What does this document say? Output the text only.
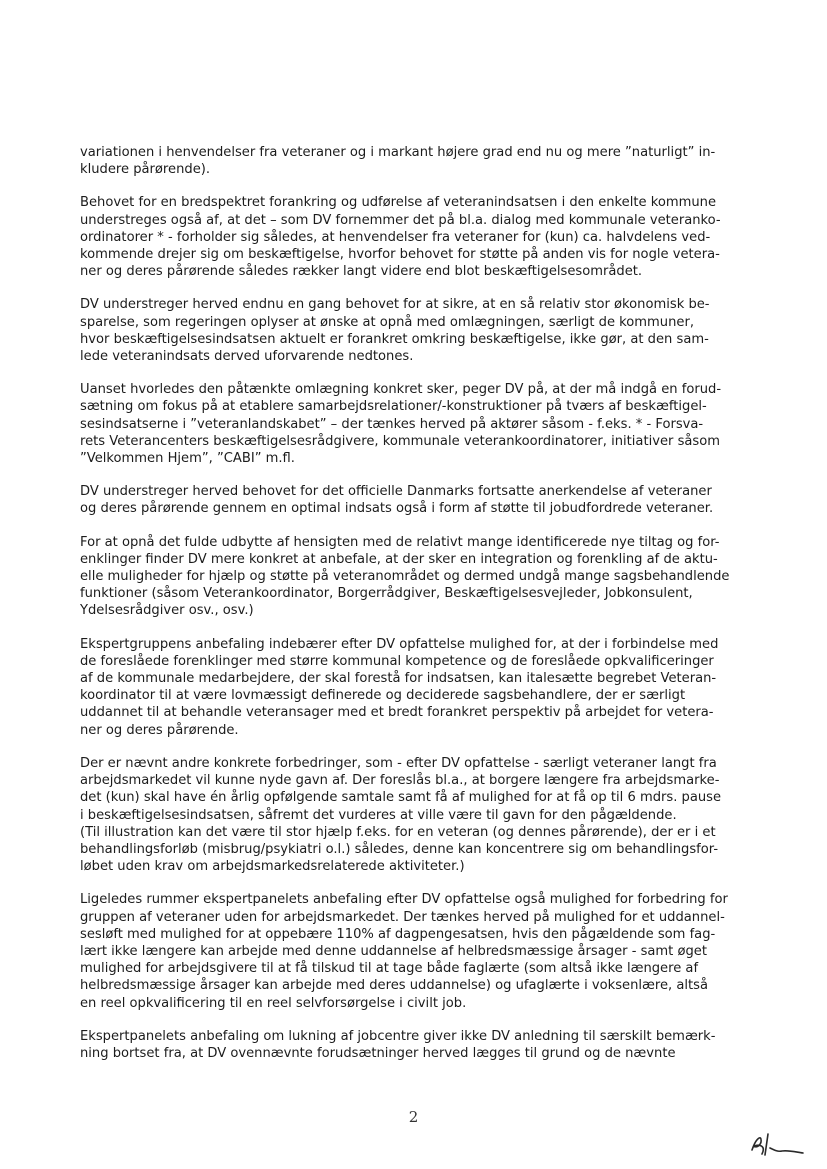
variationen i henvendelser fra veteraner og i markant højere grad end nu og mere ”naturligt” in-
kludere pårørende).

Behovet for en bredspektret forankring og udførelse af veteranindsatsen i den enkelte kommune
understreges også af, at det – som DV fornemmer det på bl.a. dialog med kommunale veteranko-
ordinatorer * - forholder sig således, at henvendelser fra veteraner for (kun) ca. halvdelens ved-
kommende drejer sig om beskæftigelse, hvorfor behovet for støtte på anden vis for nogle vetera-
ner og deres pårørende således rækker langt videre end blot beskæftigelsesområdet.

DV understreger herved endnu en gang behovet for at sikre, at en så relativ stor økonomisk be-
sparelse, som regeringen oplyser at ønske at opnå med omlægningen, særligt de kommuner,
hvor beskæftigelsesindsatsen aktuelt er forankret omkring beskæftigelse, ikke gør, at den sam-
lede veteranindsats derved uforvarende nedtones.

Uanset hvorledes den påtænkte omlægning konkret sker, peger DV på, at der må indgå en forud-
sætning om fokus på at etablere samarbejdsrelationer/-konstruktioner på tværs af beskæftigel-
sesindsatserne i ”veteranlandskabet” – der tænkes herved på aktører såsom - f.eks. * - Forsva-
rets Veterancenters beskæftigelsesrådgivere, kommunale veterankoordinatorer, initiativer såsom
”Velkommen Hjem”, ”CABI” m.fl.

DV understreger herved behovet for det officielle Danmarks fortsatte anerkendelse af veteraner
og deres pårørende gennem en optimal indsats også i form af støtte til jobudfordrede veteraner.

For at opnå det fulde udbytte af hensigten med de relativt mange identificerede nye tiltag og for-
enklinger finder DV mere konkret at anbefale, at der sker en integration og forenkling af de aktu-
elle muligheder for hjælp og støtte på veteranområdet og dermed undgå mange sagsbehandlende
funktioner (såsom Veterankoordinator, Borgerrådgiver, Beskæftigelsesvejleder, Jobkonsulent,
Ydelsesrådgiver osv., osv.)

Ekspertgruppens anbefaling indebærer efter DV opfattelse mulighed for, at der i forbindelse med
de foreslåede forenklinger med større kommunal kompetence og de foreslåede opkvalificeringer
af de kommunale medarbejdere, der skal forestå for indsatsen, kan italesætte begrebet Veteran-
koordinator til at være lovmæssigt definerede og deciderede sagsbehandlere, der er særligt
uddannet til at behandle veteransager med et bredt forankret perspektiv på arbejdet for vetera-
ner og deres pårørende.

Der er nævnt andre konkrete forbedringer, som - efter DV opfattelse - særligt veteraner langt fra
arbejdsmarkedet vil kunne nyde gavn af. Der foreslås bl.a., at borgere længere fra arbejdsmarke-
det (kun) skal have én årlig opfølgende samtale samt få af mulighed for at få op til 6 mdrs. pause
i beskæftigelsesindsatsen, såfremt det vurderes at ville være til gavn for den pågældende.
(Til illustration kan det være til stor hjælp f.eks. for en veteran (og dennes pårørende), der er i et
behandlingsforløb (misbrug/psykiatri o.l.) således, denne kan koncentrere sig om behandlingsfor-
løbet uden krav om arbejdsmarkedsrelaterede aktiviteter.)

Ligeledes rummer ekspertpanelets anbefaling efter DV opfattelse også mulighed for forbedring for
gruppen af veteraner uden for arbejdsmarkedet. Der tænkes herved på mulighed for et uddannel-
sesløft med mulighed for at oppebære 110% af dagpengesatsen, hvis den pågældende som fag-
lært ikke længere kan arbejde med denne uddannelse af helbredsmæssige årsager - samt øget
mulighed for arbejdsgivere til at få tilskud til at tage både faglærte (som altså ikke længere af
helbredsmæssige årsager kan arbejde med deres uddannelse) og ufaglærte i voksenlære, altså
en reel opkvalificering til en reel selvforsørgelse i civilt job.

Ekspertpanelets anbefaling om lukning af jobcentre giver ikke DV anledning til særskilt bemærk-
ning bortset fra, at DV ovennævnte forudsætninger herved lægges til grund og de nævnte

2
